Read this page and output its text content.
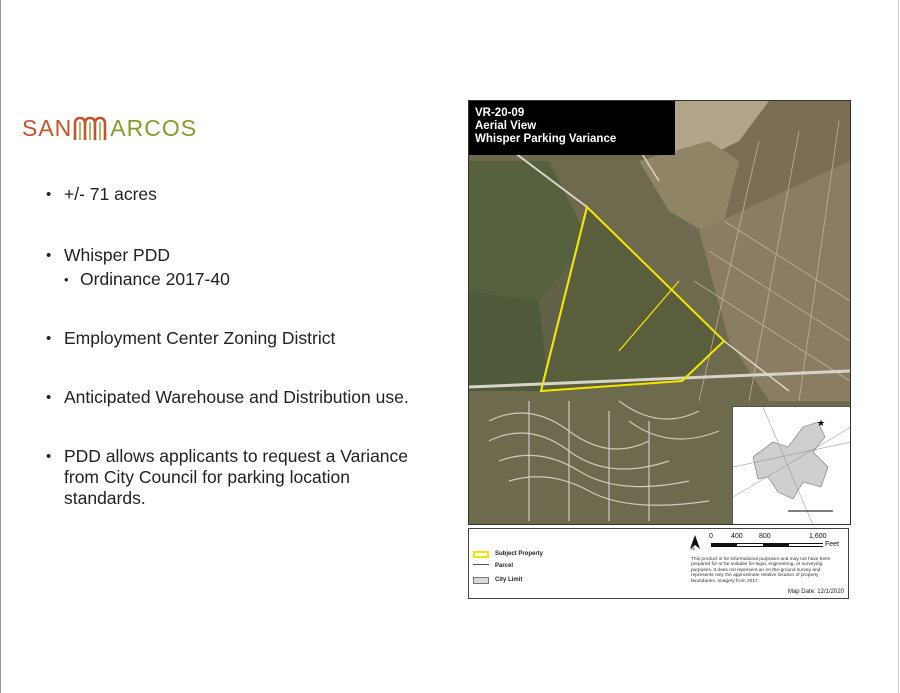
SAN ARCOS
• +/- 71 acres
• Whisper PDD
• Ordinance 2017-40
• Employment Center Zoning District
• Anticipated Warehouse and Distribution use.
• PDD allows applicants to request a Variance from City Council for parking location standards.
VR-20-09
Aerial View
Whisper Parking Variance
★
Subject Property
Parcel
City Limit
N
0	400 800	1,600
Feet
This product is for informational purposes and may not have been prepared for or be suitable for legal, engineering, or surveying purposes. It does not represent an on-the-ground survey and represents only the approximate relative location of property boundaries. Imagery from 2017.
Map Date: 12/1/2020
